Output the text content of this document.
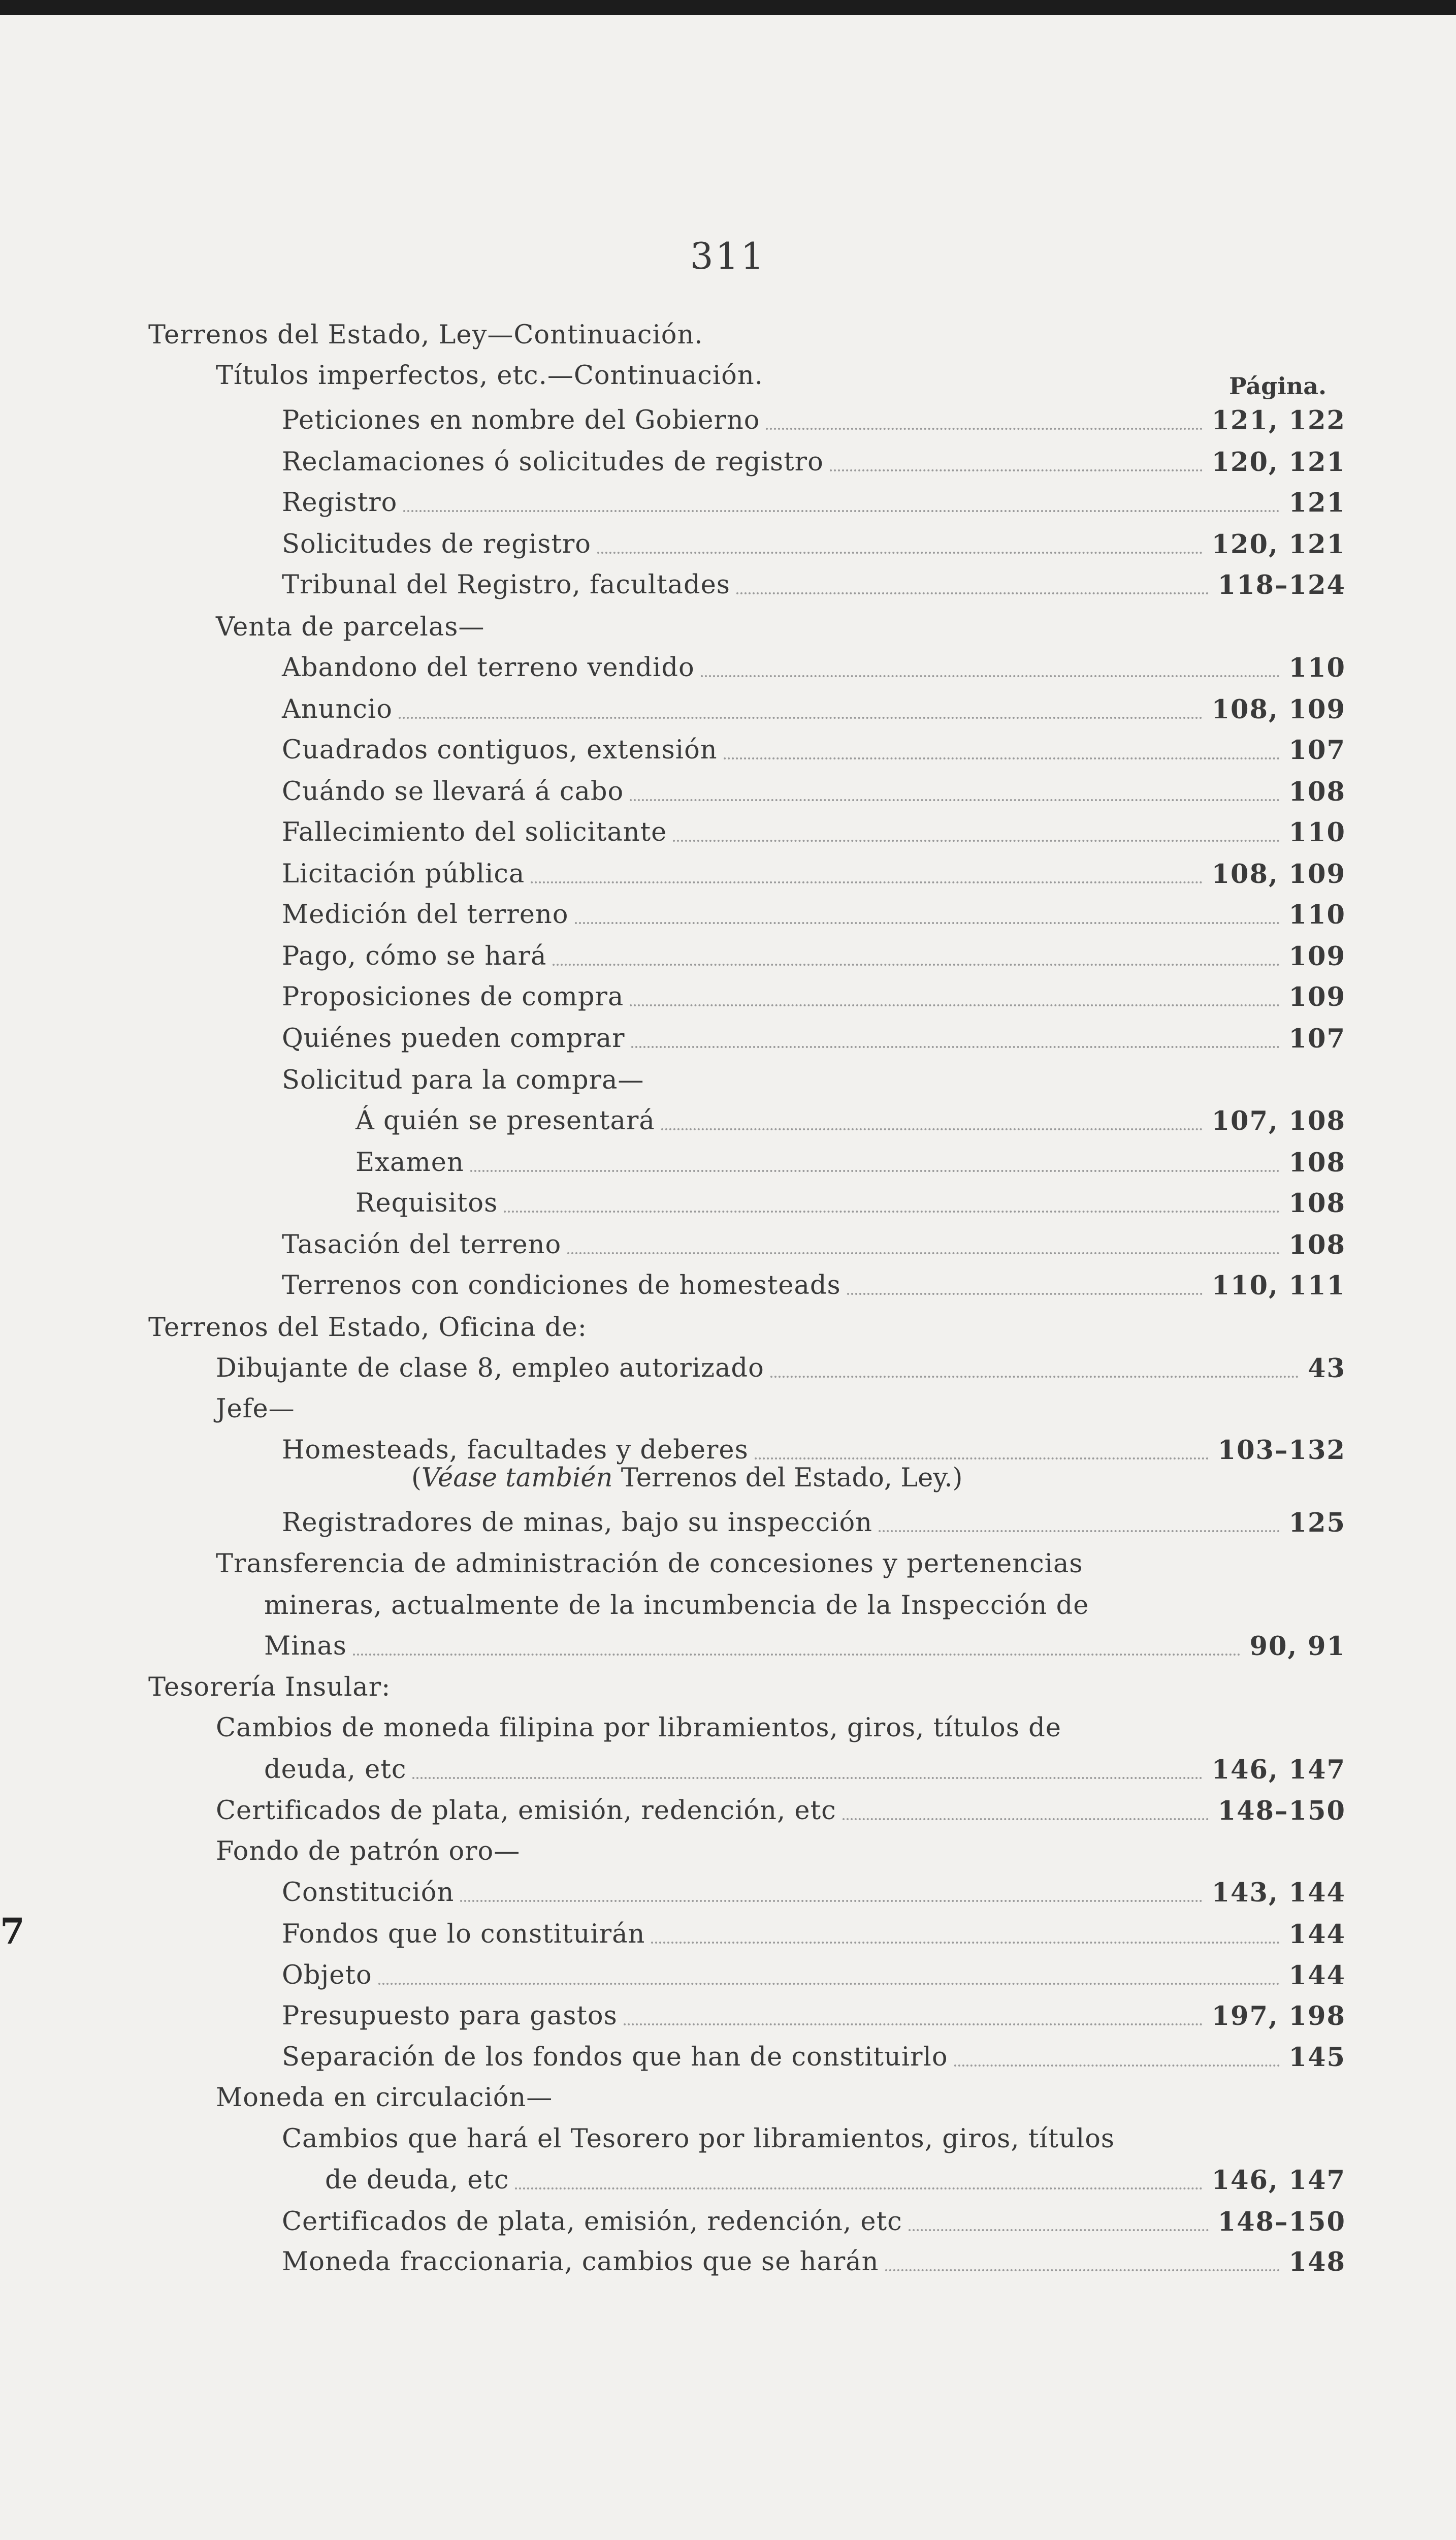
311
Página.
Terrenos del Estado, Ley—Continuación.
Títulos imperfectos, etc.—Continuación.
Peticiones en nombre del Gobierno	121, 122
Reclamaciones ó solicitudes de registro	120, 121
Registro	121
Solicitudes de registro	120, 121
Tribunal del Registro, facultades	118–124
Venta de parcelas—
Abandono del terreno vendido	110
Anuncio	108, 109
Cuadrados contiguos, extensión	107
Cuándo se llevará á cabo	108
Fallecimiento del solicitante	110
Licitación pública	108, 109
Medición del terreno	110
Pago, cómo se hará	109
Proposiciones de compra	109
Quiénes pueden comprar	107
Solicitud para la compra—
Á quién se presentará	107, 108
Examen	108
Requisitos	108
Tasación del terreno	108
Terrenos con condiciones de homesteads	110, 111
Terrenos del Estado, Oficina de:
Dibujante de clase 8, empleo autorizado	43
Jefe—
Homesteads, facultades y deberes	103–132
Registradores de minas, bajo su inspección	125
Transferencia de administración de concesiones y pertenencias
mineras, actualmente de la incumbencia de la Inspección de
Minas	90, 91
Tesorería Insular:
Cambios de moneda filipina por libramientos, giros, títulos de
deuda, etc	146, 147
Certificados de plata, emisión, redención, etc	148–150
Fondo de patrón oro—
Constitución	143, 144
Fondos que lo constituirán	144
Objeto	144
Presupuesto para gastos	197, 198
Separación de los fondos que han de constituirlo	145
Moneda en circulación—
Cambios que hará el Tesorero por libramientos, giros, títulos
de deuda, etc	146, 147
Certificados de plata, emisión, redención, etc	148–150
Moneda fraccionaria, cambios que se harán	148
(Véase también Terrenos del Estado, Ley.)
7
